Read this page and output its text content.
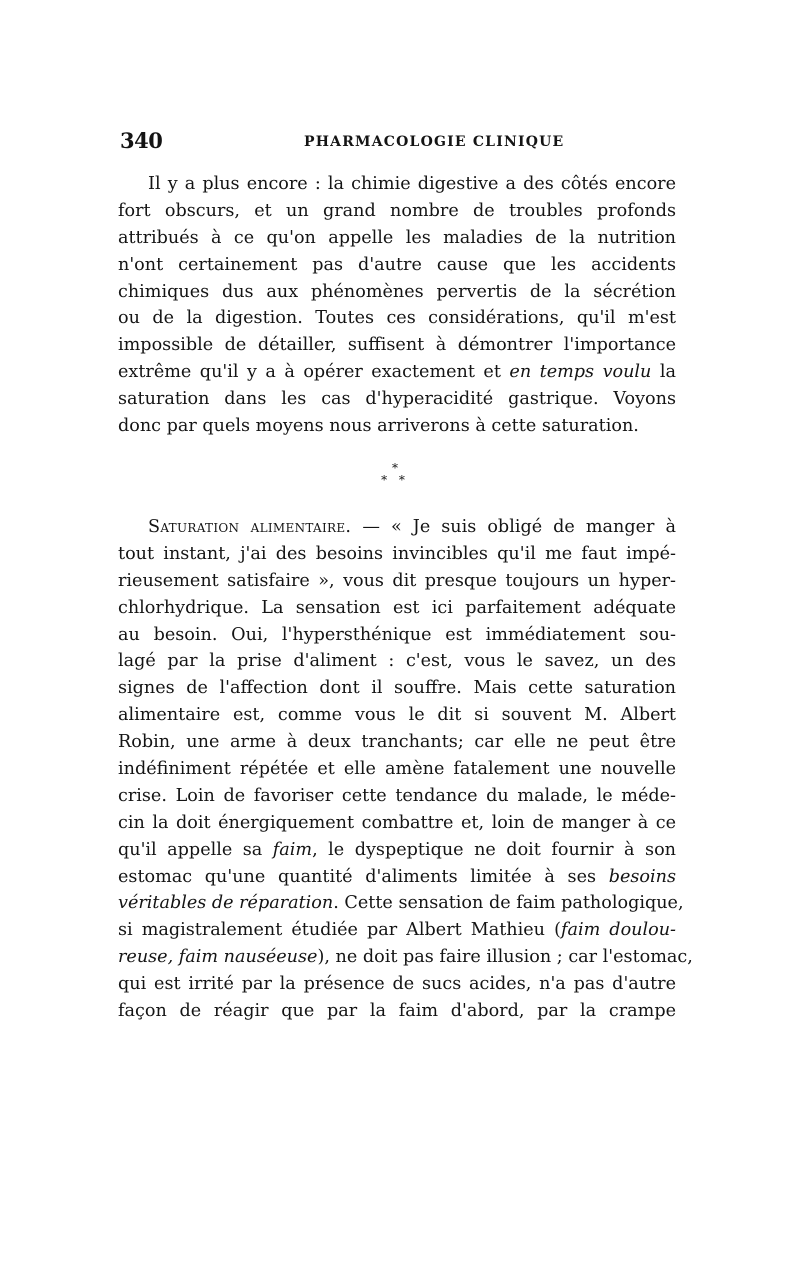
340	PHARMACOLOGIE CLINIQUE
Il y a plus encore : la chimie digestive a des côtés encore
fort obscurs, et un grand nombre de troubles profonds
attribués à ce qu'on appelle les maladies de la nutrition
n'ont certainement pas d'autre cause que les accidents
chimiques dus aux phénomènes pervertis de la sécrétion
ou de la digestion. Toutes ces considérations, qu'il m'est
impossible de détailler, suffisent à démontrer l'importance
extrême qu'il y a à opérer exactement et en temps voulu la
saturation dans les cas d'hyperacidité gastrique. Voyons
donc par quels moyens nous arriverons à cette saturation.
*
* *
Saturation alimentaire. — « Je suis obligé de manger à
tout instant, j'ai des besoins invincibles qu'il me faut impé-
rieusement satisfaire », vous dit presque toujours un hyper-
chlorhydrique. La sensation est ici parfaitement adéquate
au besoin. Oui, l'hypersthénique est immédiatement sou-
lagé par la prise d'aliment : c'est, vous le savez, un des
signes de l'affection dont il souffre. Mais cette saturation
alimentaire est, comme vous le dit si souvent M. Albert
Robin, une arme à deux tranchants; car elle ne peut être
indéfiniment répétée et elle amène fatalement une nouvelle
crise. Loin de favoriser cette tendance du malade, le méde-
cin la doit énergiquement combattre et, loin de manger à ce
qu'il appelle sa faim, le dyspeptique ne doit fournir à son
estomac qu'une quantité d'aliments limitée à ses besoins
véritables de réparation. Cette sensation de faim pathologique,
si magistralement étudiée par Albert Mathieu (faim doulou-
reuse, faim nauséeuse), ne doit pas faire illusion ; car l'estomac,
qui est irrité par la présence de sucs acides, n'a pas d'autre
façon de réagir que par la faim d'abord, par la crampe
